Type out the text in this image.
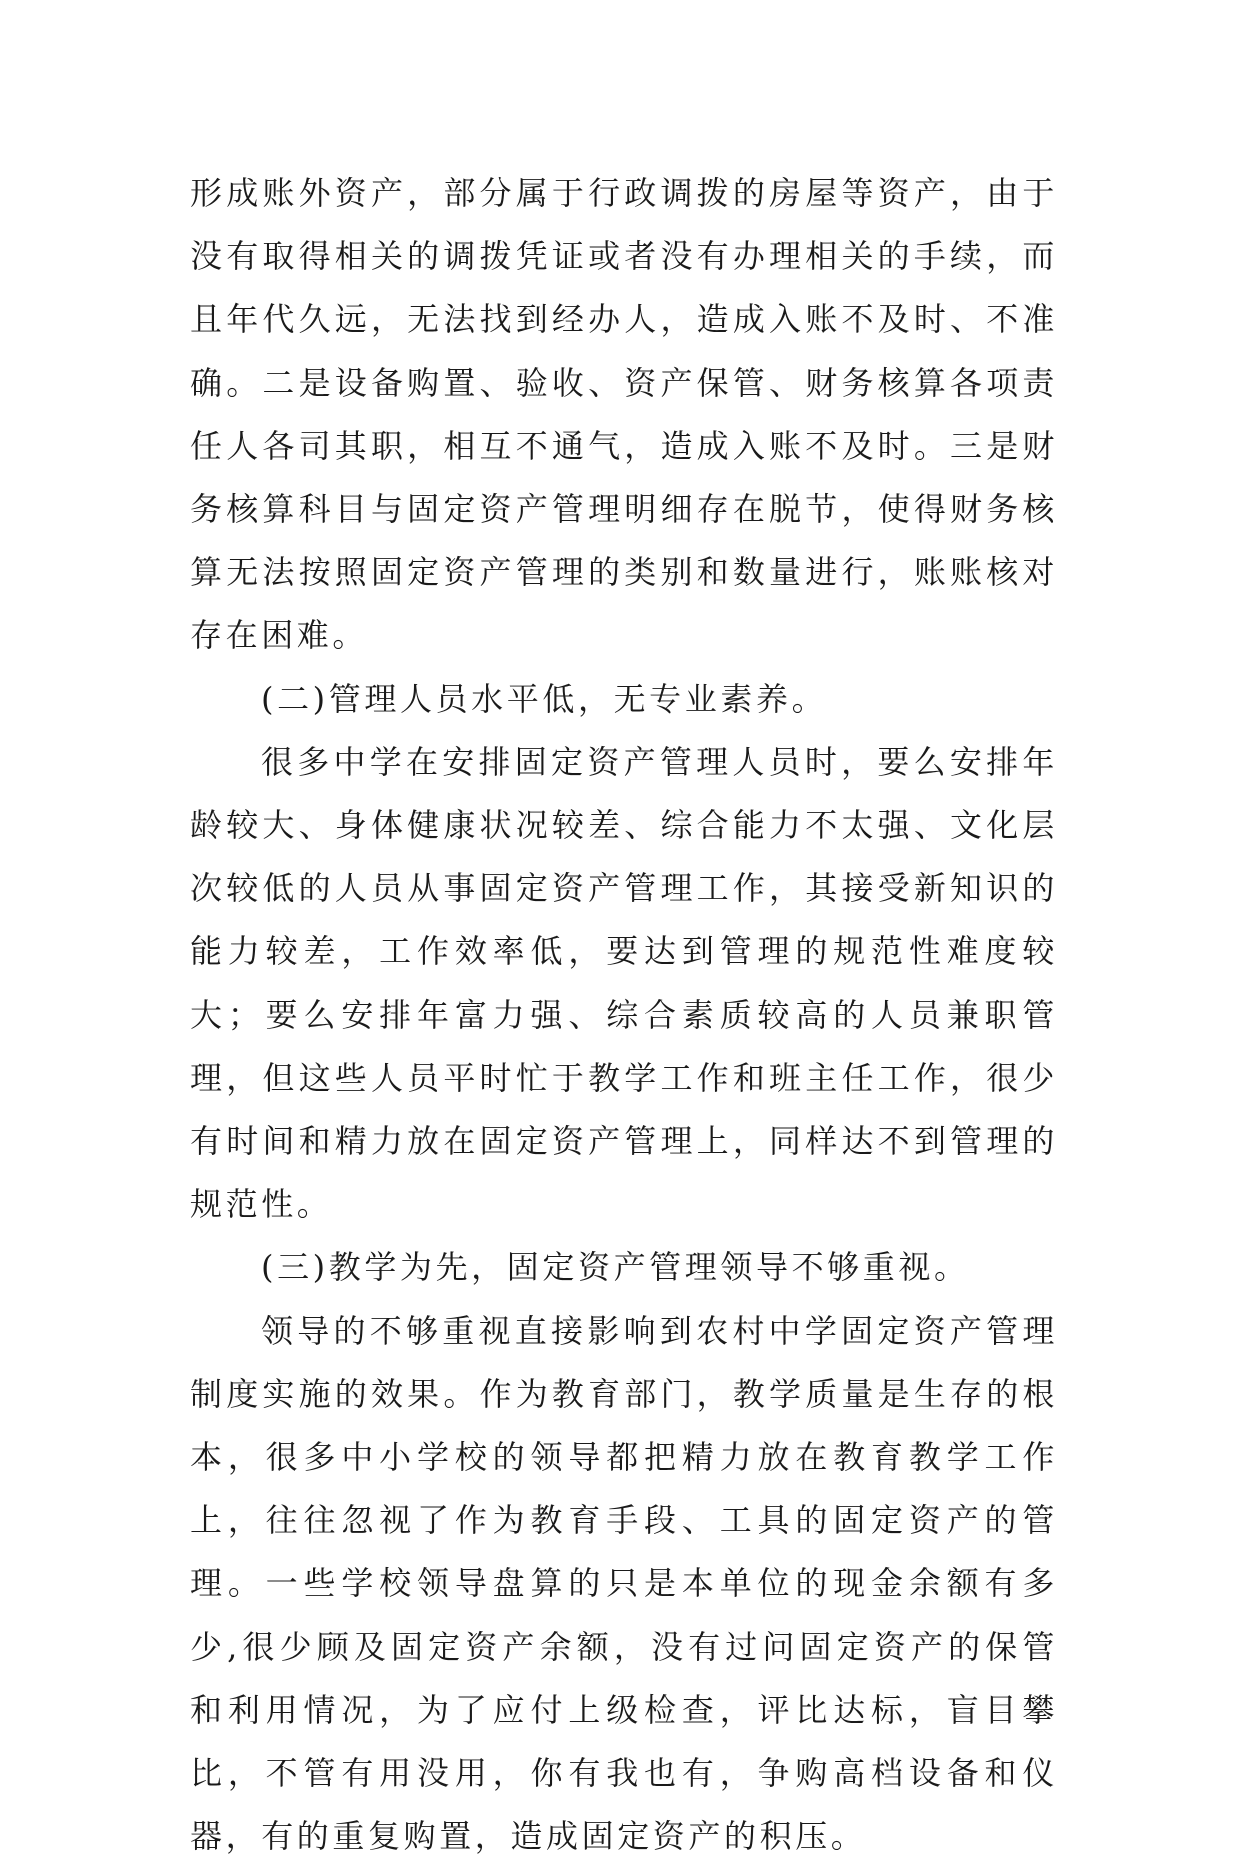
形成账外资产，部分属于行政调拨的房屋等资产，由于没有取得相关的调拨凭证或者没有办理相关的手续，而且年代久远，无法找到经办人，造成入账不及时、不准确。二是设备购置、验收、资产保管、财务核算各项责任人各司其职，相互不通气，造成入账不及时。三是财务核算科目与固定资产管理明细存在脱节，使得财务核算无法按照固定资产管理的类别和数量进行，账账核对存在困难。

(二)管理人员水平低，无专业素养。

很多中学在安排固定资产管理人员时，要么安排年龄较大、身体健康状况较差、综合能力不太强、文化层次较低的人员从事固定资产管理工作，其接受新知识的能力较差，工作效率低，要达到管理的规范性难度较大；要么安排年富力强、综合素质较高的人员兼职管理，但这些人员平时忙于教学工作和班主任工作，很少有时间和精力放在固定资产管理上，同样达不到管理的规范性。

(三)教学为先，固定资产管理领导不够重视。

领导的不够重视直接影响到农村中学固定资产管理制度实施的效果。作为教育部门，教学质量是生存的根本，很多中小学校的领导都把精力放在教育教学工作上，往往忽视了作为教育手段、工具的固定资产的管理。一些学校领导盘算的只是本单位的现金余额有多少,很少顾及固定资产余额，没有过问固定资产的保管和利用情况，为了应付上级检查，评比达标，盲目攀比，不管有用没用，你有我也有，争购高档设备和仪器，有的重复购置，造成固定资产的积压。
